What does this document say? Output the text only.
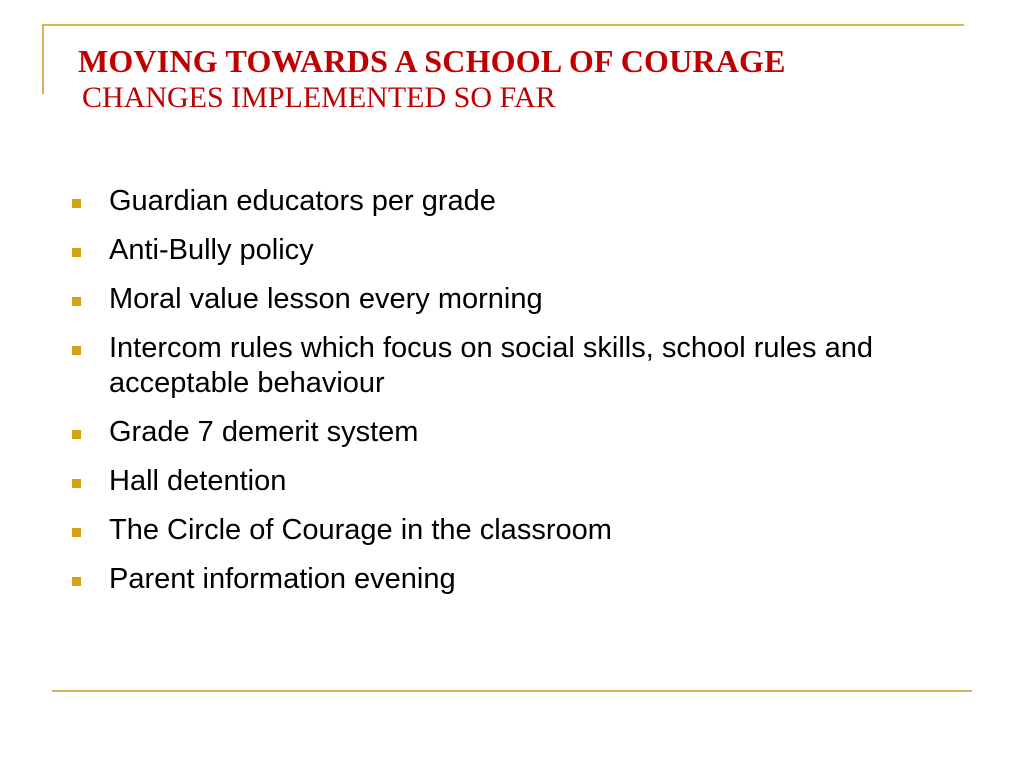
MOVING TOWARDS A SCHOOL OF COURAGE
CHANGES IMPLEMENTED SO FAR
Guardian educators per grade
Anti-Bully policy
Moral value lesson every morning
Intercom rules which focus on social skills, school rules and acceptable behaviour
Grade 7 demerit system
Hall detention
The Circle of Courage in the classroom
Parent information evening
